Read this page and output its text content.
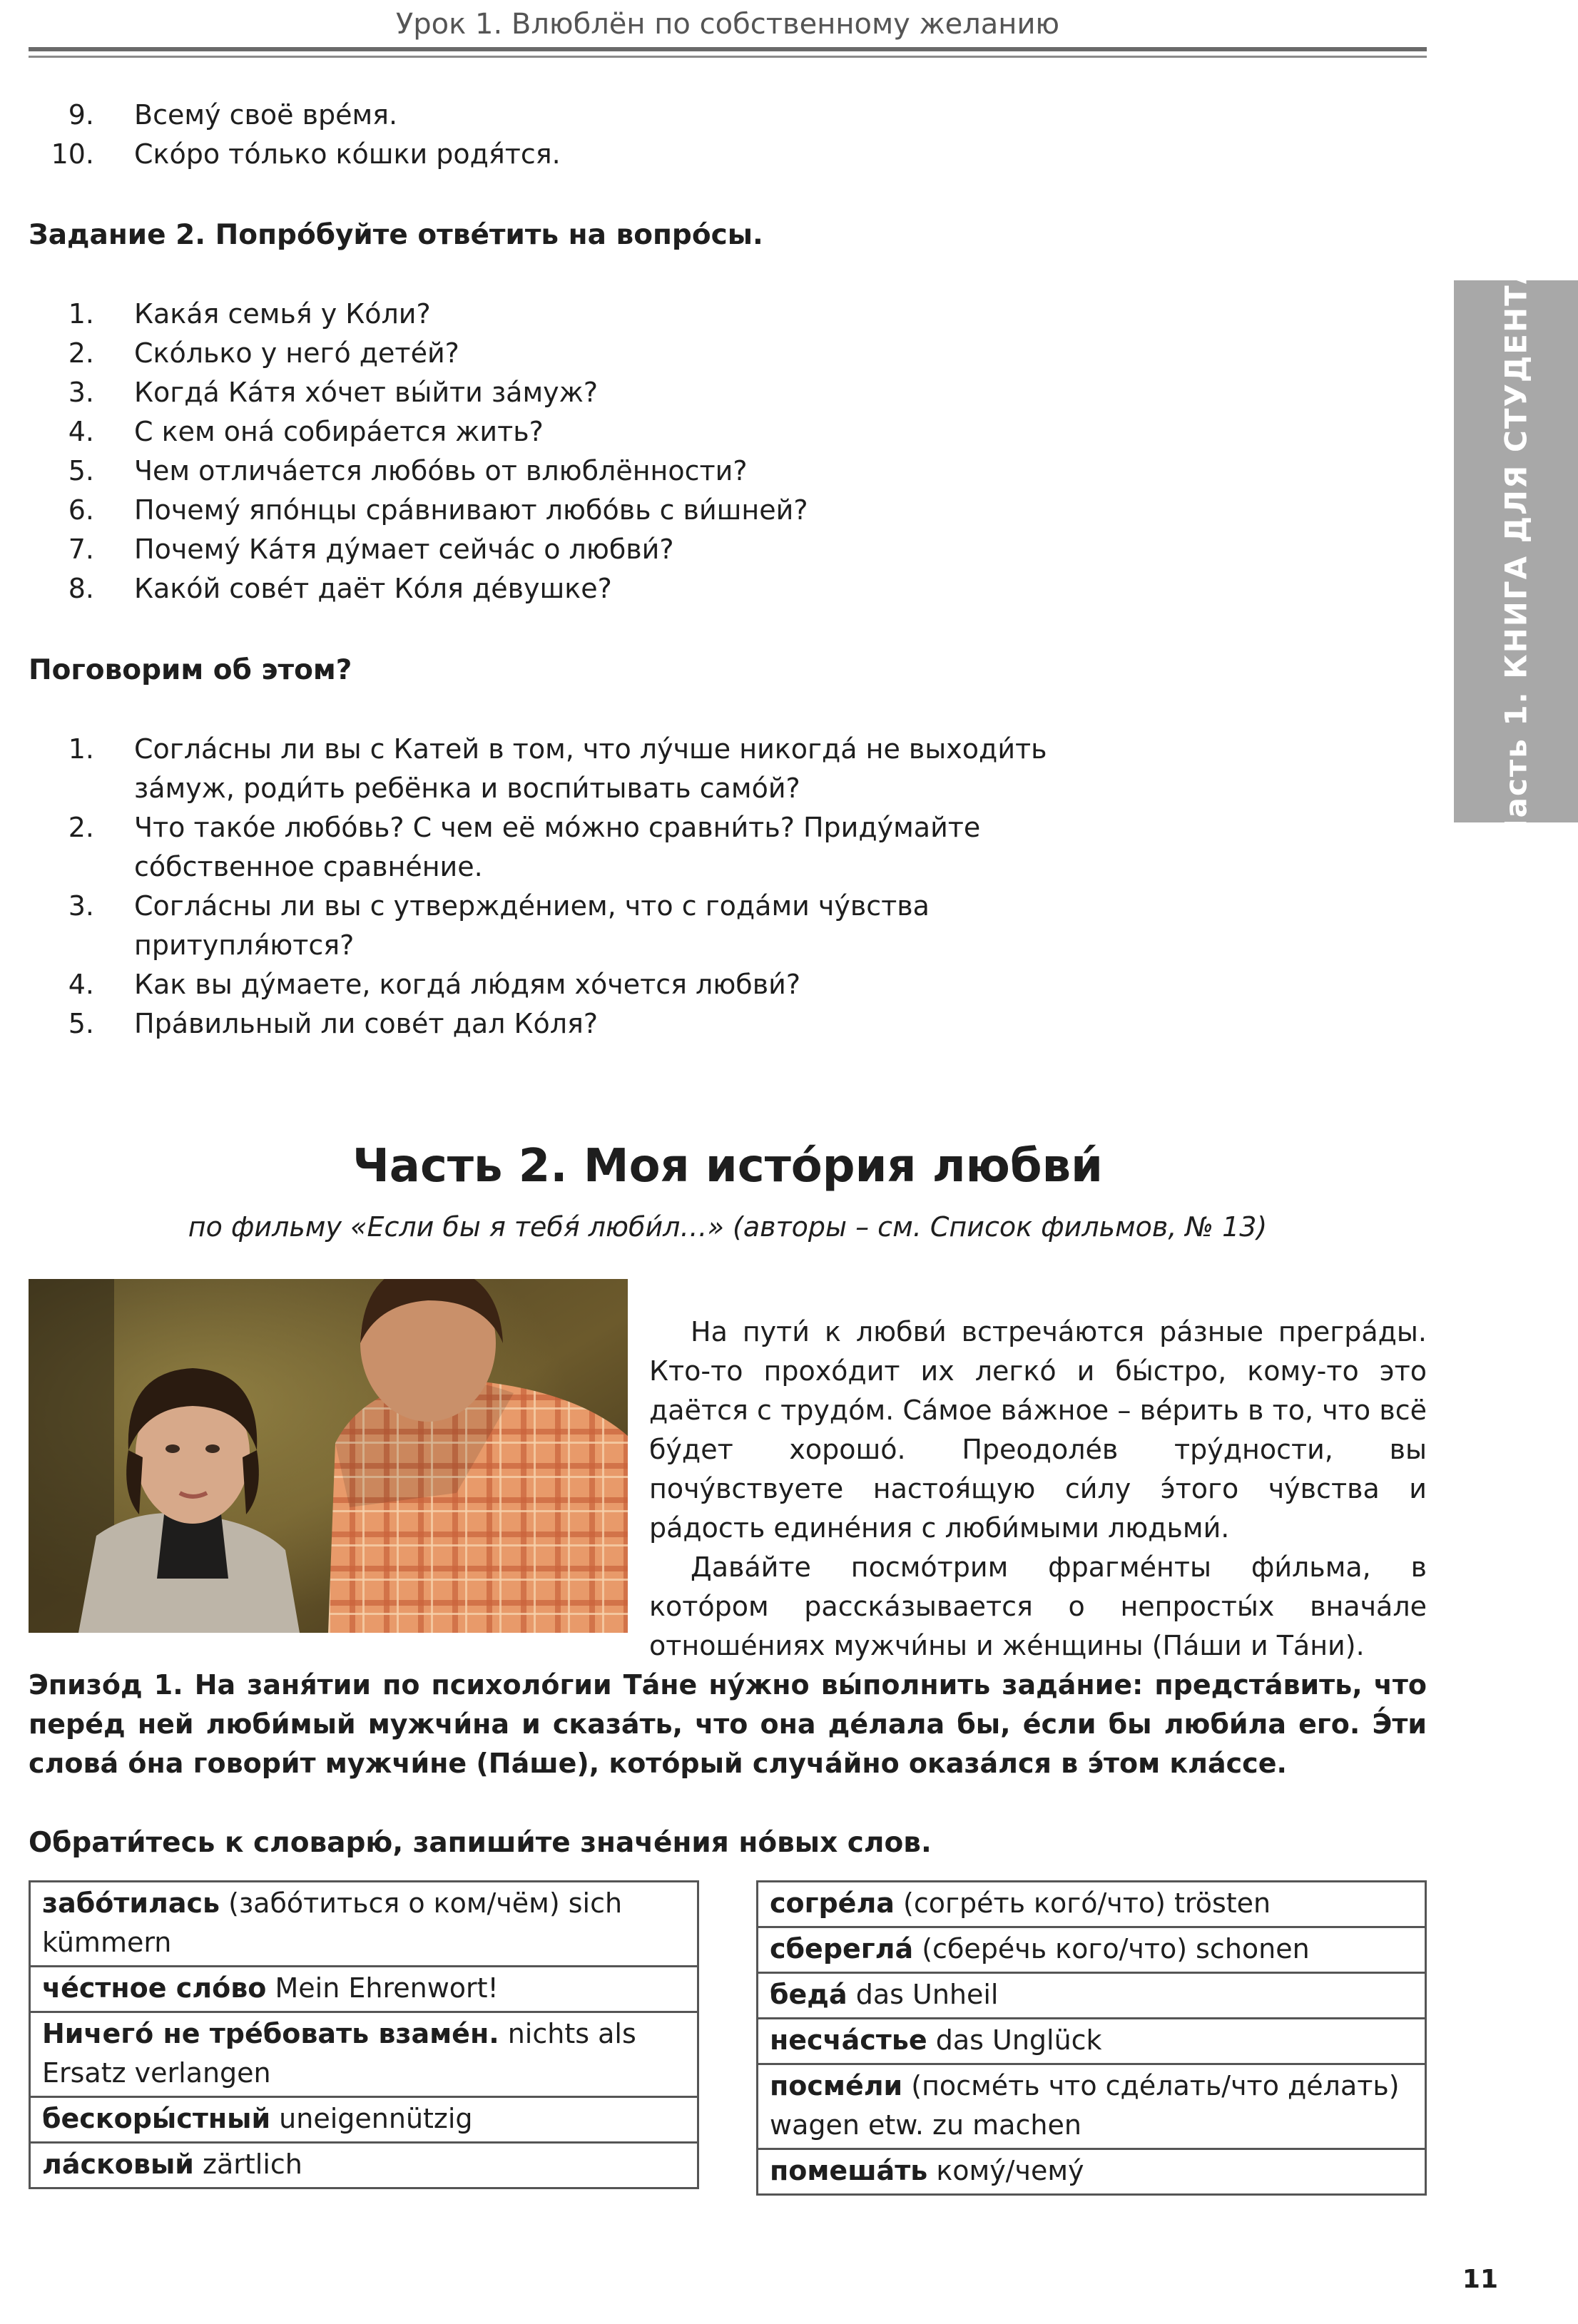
Урок 1. Влюблён по собственному желанию
9. Всему́ своё вре́мя.
10. Ско́ро то́лько ко́шки родя́тся.
Задание 2. Попро́буйте отве́тить на вопро́сы.
1. Кака́я семья́ у Ко́ли?
2. Ско́лько у него́ дете́й?
3. Когда́ Ка́тя хо́чет вы́йти за́муж?
4. С кем она́ собира́ется жить?
5. Чем отлича́ется любо́вь от влюблённости?
6. Почему́ япо́нцы сра́внивают любо́вь с ви́шней?
7. Почему́ Ка́тя ду́мает сейча́с о любви́?
8. Како́й сове́т даёт Ко́ля де́вушке?
Поговорим об этом?
1. Согла́сны ли вы с Катей в том, что лу́чше никогда́ не выходи́ть
за́муж, роди́ть ребёнка и воспи́тывать само́й?
2. Что тако́е любо́вь? С чем её мо́жно сравни́ть? Приду́майте
со́бственное сравне́ние.
3. Согла́сны ли вы с утвержде́нием, что с года́ми чу́вства
притупля́ются?
4. Как вы ду́маете, когда́ лю́дям хо́чется любви́?
5. Пра́вильный ли сове́т дал Ко́ля?
Часть 1. КНИГА ДЛЯ СТУДЕНТА
Часть 2. Моя исто́рия любви́
по фильму «Если бы я тебя́ люби́л…» (авторы – см. Список фильмов, № 13)

На пути́ к любви́ встреча́ются ра́зные прегра́ды. Кто-то прохо́дит их легко́ и бы́стро, кому-то это даётся с трудо́м. Са́мое ва́жное – ве́рить в то, что всё бу́дет хорошо́. Преодоле́в тру́дности, вы почу́вствуете настоя́щую си́лу э́того чу́вства и ра́дость едине́ния с люби́мыми людьми́.

Дава́йте посмо́трим фрагме́нты фи́льма, в кото́ром расска́зывается о непросты́х внача́ле отноше́ниях мужчи́ны и же́нщины (Па́ши и Та́ни).

Эпизо́д 1. На заня́тии по психоло́гии Та́не ну́жно вы́полнить зада́ние: предста́вить, что пере́д ней люби́мый мужчи́на и сказа́ть, что она де́лала бы, е́сли бы люби́ла его. Э́ти слова́ о́на говори́т мужчи́не (Па́ше), кото́рый случа́йно оказа́лся в э́том кла́ссе.
Обрати́тесь к словарю́, запиши́те значе́ния но́вых слов.
забо́тилась (забо́титься о ком/чём) sich kümmern
че́стное сло́во Mein Ehrenwort!
Ничего́ не тре́бовать взаме́н. nichts als Ersatz verlangen
бескоры́стный uneigennützig
ла́сковый zärtlich
согре́ла (согре́ть кого́/что) trösten
сберегла́ (сбере́чь кого/что) schonen
беда́ das Unheil
несча́стье das Unglück
посме́ли (посме́ть что сде́лать/что де́лать) wagen etw. zu machen
помеша́ть кому́/чему́
11
